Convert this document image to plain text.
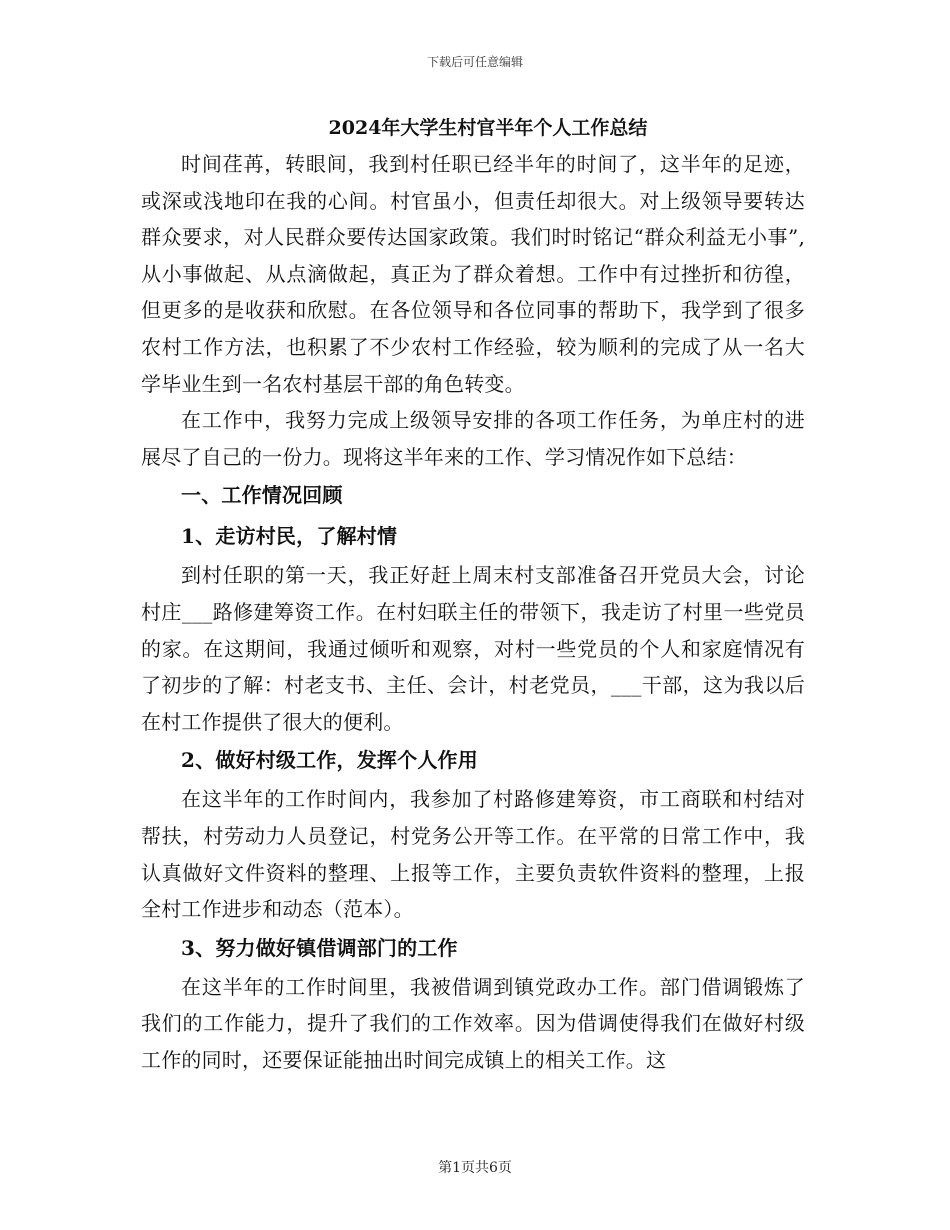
下载后可任意编辑
2024年大学生村官半年个人工作总结

时间荏苒，转眼间，我到村任职已经半年的时间了，这半年的足迹，或深或浅地印在我的心间。村官虽小，但责任却很大。对上级领导要转达群众要求，对人民群众要传达国家政策。我们时时铭记“群众利益无小事”,从小事做起、从点滴做起，真正为了群众着想。工作中有过挫折和彷徨，但更多的是收获和欣慰。在各位领导和各位同事的帮助下，我学到了很多农村工作方法，也积累了不少农村工作经验，较为顺利的完成了从一名大学毕业生到一名农村基层干部的角色转变。

在工作中，我努力完成上级领导安排的各项工作任务，为单庄村的进展尽了自己的一份力。现将这半年来的工作、学习情况作如下总结：

一、工作情况回顾

1、走访村民，了解村情

到村任职的第一天，我正好赶上周末村支部准备召开党员大会，讨论村庄___路修建筹资工作。在村妇联主任的带领下，我走访了村里一些党员的家。在这期间，我通过倾听和观察，对村一些党员的个人和家庭情况有了初步的了解：村老支书、主任、会计，村老党员，___干部，这为我以后在村工作提供了很大的便利。

2、做好村级工作，发挥个人作用

在这半年的工作时间内，我参加了村路修建筹资，市工商联和村结对帮扶，村劳动力人员登记，村党务公开等工作。在平常的日常工作中，我认真做好文件资料的整理、上报等工作，主要负责软件资料的整理，上报全村工作进步和动态（范本）。

3、努力做好镇借调部门的工作

在这半年的工作时间里，我被借调到镇党政办工作。部门借调锻炼了我们的工作能力，提升了我们的工作效率。因为借调使得我们在做好村级工作的同时，还要保证能抽出时间完成镇上的相关工作。这

第1页共6页
